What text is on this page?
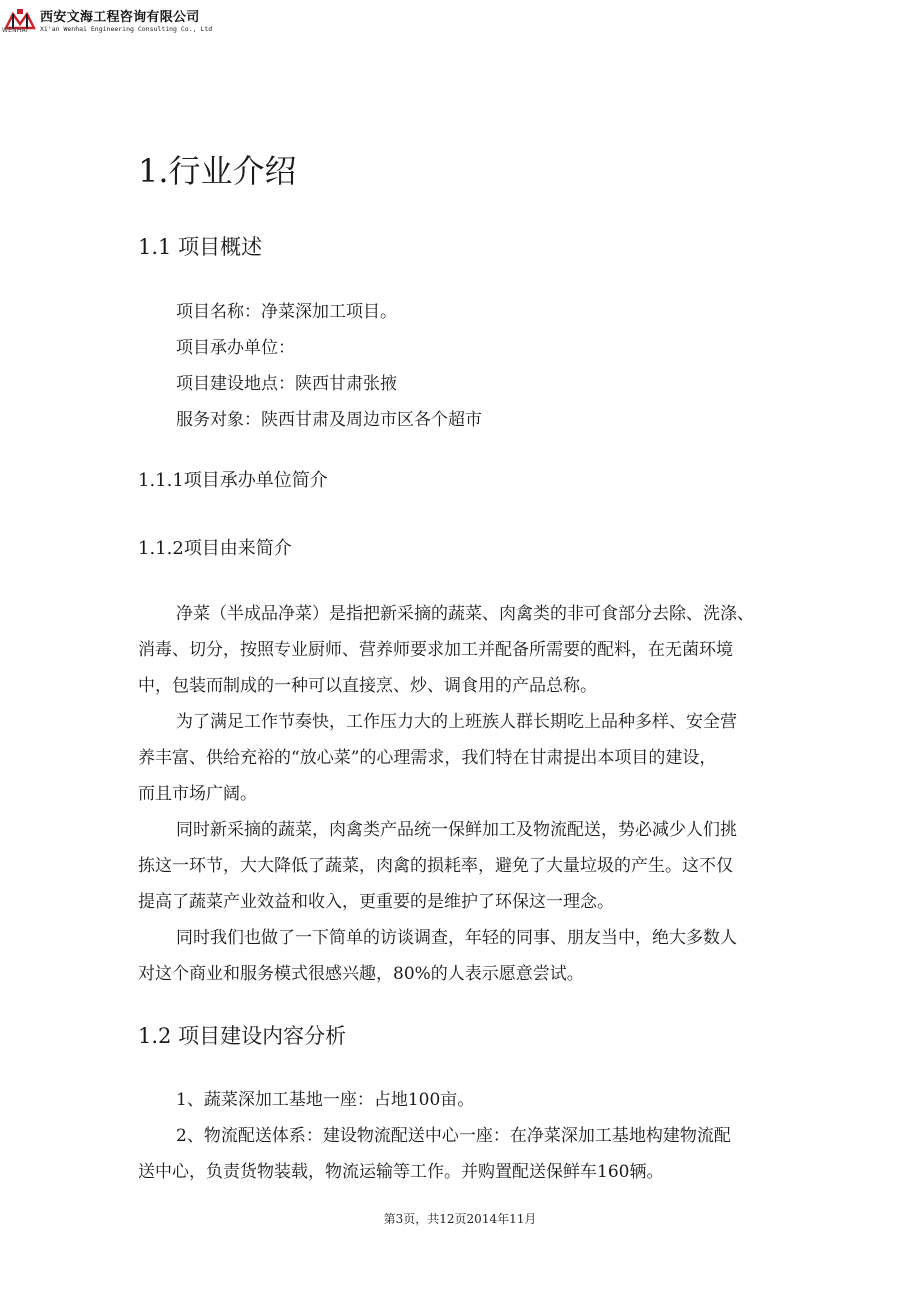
WENHAI
西安文海工程咨询有限公司
Xi'an Wenhai Engineering Consulting Co., Ltd
1.行业介绍
1.1 项目概述
项目名称：净菜深加工项目。
项目承办单位：
项目建设地点：陕西甘肃张掖
服务对象：陕西甘肃及周边市区各个超市
1.1.1项目承办单位简介
1.1.2项目由来简介
净菜（半成品净菜）是指把新采摘的蔬菜、肉禽类的非可食部分去除、洗涤、
消毒、切分，按照专业厨师、营养师要求加工并配备所需要的配料，在无菌环境
中，包装而制成的一种可以直接烹、炒、调食用的产品总称。
为了满足工作节奏快，工作压力大的上班族人群长期吃上品种多样、安全营
养丰富、供给充裕的“放心菜”的心理需求，我们特在甘肃提出本项目的建设，
而且市场广阔。
同时新采摘的蔬菜，肉禽类产品统一保鲜加工及物流配送，势必减少人们挑
拣这一环节，大大降低了蔬菜，肉禽的损耗率，避免了大量垃圾的产生。这不仅
提高了蔬菜产业效益和收入，更重要的是维护了环保这一理念。
同时我们也做了一下简单的访谈调查，年轻的同事、朋友当中，绝大多数人
对这个商业和服务模式很感兴趣，80%的人表示愿意尝试。
1.2 项目建设内容分析
1、蔬菜深加工基地一座：占地100亩。
2、物流配送体系：建设物流配送中心一座：在净菜深加工基地构建物流配
送中心，负责货物装载，物流运输等工作。并购置配送保鲜车160辆。
第3页，共12页2014年11月
